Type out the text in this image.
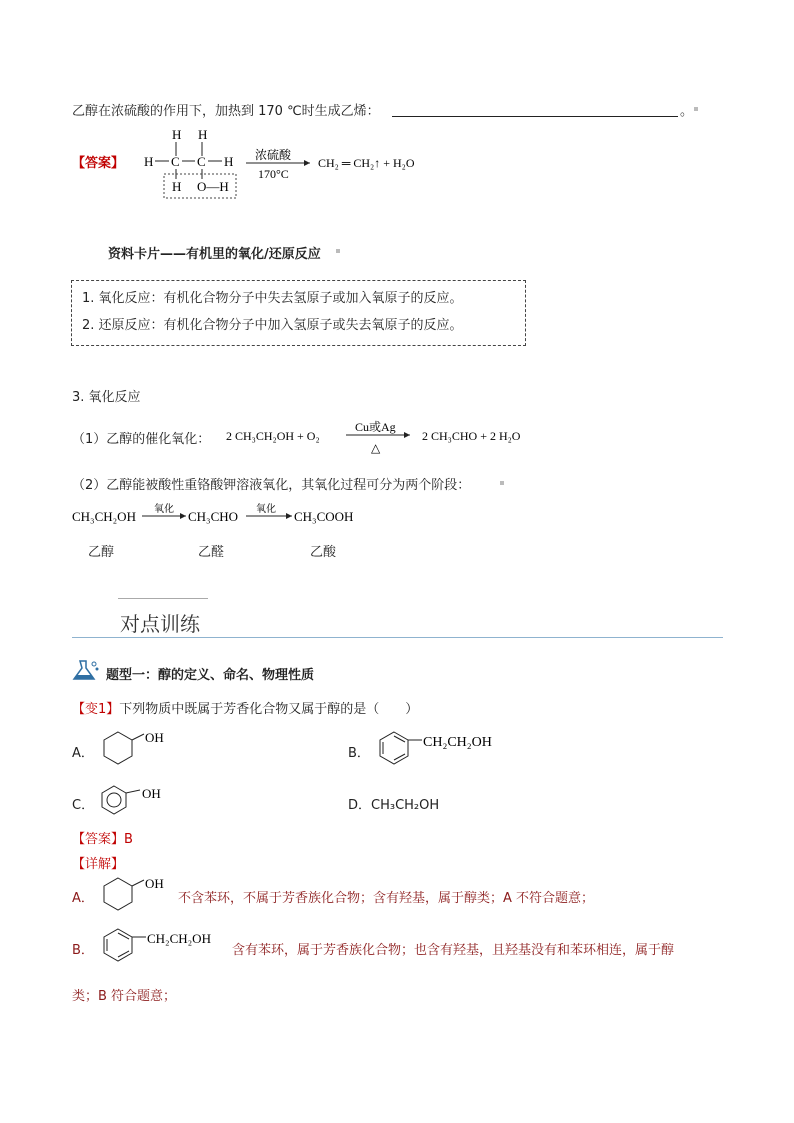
乙醇在浓硫酸的作用下，加热到 170 ℃时生成乙烯：	。
【答案】
H H
H C C H
H O—H
浓硫酸
170°C
CH₂ ═ CH₂↑ + H₂O
资料卡片——有机里的氧化/还原反应
1. 氧化反应：有机化合物分子中失去氢原子或加入氧原子的反应。
2. 还原反应：有机化合物分子中加入氢原子或失去氧原子的反应。
3. 氧化反应
（1）乙醇的催化氧化： 2 CH₃CH₂OH + O₂
Cu或Ag
△
2 CH₃CHO + 2 H₂O
（2）乙醇能被酸性重铬酸钾溶液氧化，其氧化过程可分为两个阶段：
CH₃CH₂OH 氧化 CH₃CHO 氧化 CH₃COOH
乙醇	乙醛	乙酸
对点训练
题型一：醇的定义、命名、物理性质
【变1】下列物质中既属于芳香化合物又属于醇的是（　　）
A．
OH
B．
CH₂CH₂OH
C．
OH
D．CH₃CH₂OH
【答案】B
【详解】
A．
OH
不含苯环，不属于芳香族化合物；含有羟基，属于醇类；A 不符合题意；
B．
CH₂CH₂OH
含有苯环，属于芳香族化合物；也含有羟基，且羟基没有和苯环相连，属于醇
类；B 符合题意；
